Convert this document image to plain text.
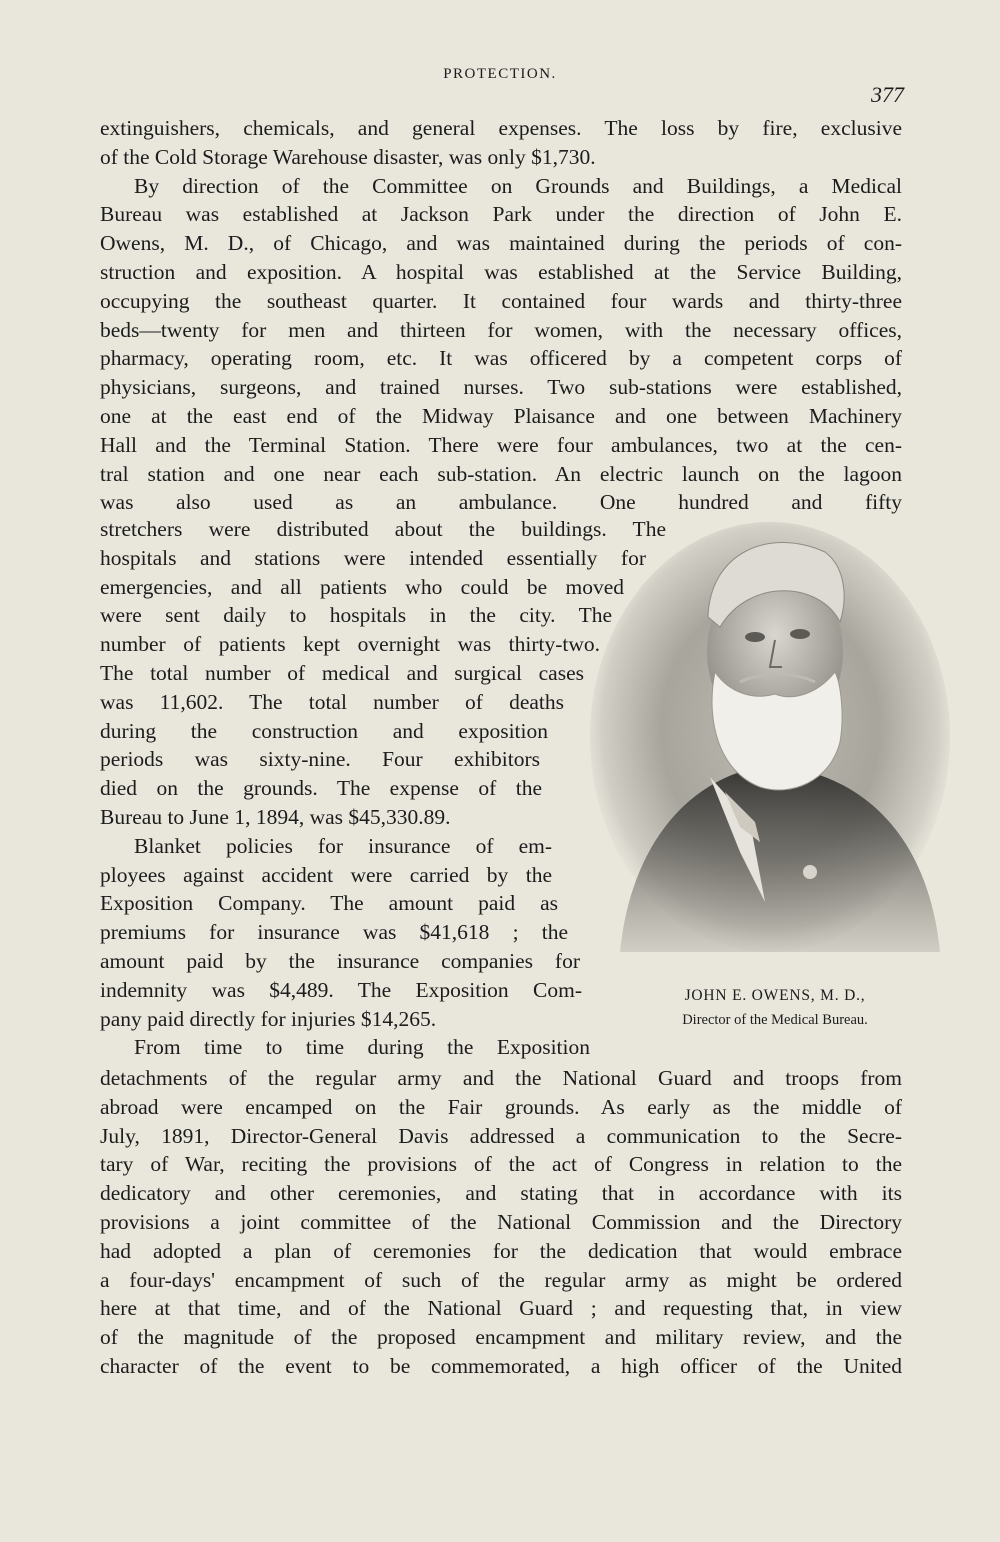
PROTECTION.
377
extinguishers, chemicals, and general expenses. The loss by fire, exclusive
of the Cold Storage Warehouse disaster, was only $1,730.
By direction of the Committee on Grounds and Buildings, a Medical
Bureau was established at Jackson Park under the direction of John E.
Owens, M. D., of Chicago, and was maintained during the periods of con-
struction and exposition. A hospital was established at the Service Building,
occupying the southeast quarter. It contained four wards and thirty-three
beds—twenty for men and thirteen for women, with the necessary offices,
pharmacy, operating room, etc. It was officered by a competent corps of
physicians, surgeons, and trained nurses. Two sub-stations were established,
one at the east end of the Midway Plaisance and one between Machinery
Hall and the Terminal Station. There were four ambulances, two at the cen-
tral station and one near each sub-station. An electric launch on the lagoon
was also used as an ambulance. One hundred and fifty
stretchers were distributed about the buildings. The
hospitals and stations were intended essentially for
emergencies, and all patients who could be moved
were sent daily to hospitals in the city. The
number of patients kept overnight was thirty-two.
The total number of medical and surgical cases
was 11,602. The total number of deaths
during the construction and exposition
periods was sixty-nine. Four exhibitors
died on the grounds. The expense of the
Bureau to June 1, 1894, was $45,330.89.
Blanket policies for insurance of em-
ployees against accident were carried by the
Exposition Company. The amount paid as
premiums for insurance was $41,618 ; the
amount paid by the insurance companies for
indemnity was $4,489. The Exposition Com-
pany paid directly for injuries $14,265.
From time to time during the Exposition
detachments of the regular army and the National Guard and troops from
abroad were encamped on the Fair grounds. As early as the middle of
July, 1891, Director-General Davis addressed a communication to the Secre-
tary of War, reciting the provisions of the act of Congress in relation to the
dedicatory and other ceremonies, and stating that in accordance with its
provisions a joint committee of the National Commission and the Directory
had adopted a plan of ceremonies for the dedication that would embrace
a four-days' encampment of such of the regular army as might be ordered
here at that time, and of the National Guard ; and requesting that, in view
of the magnitude of the proposed encampment and military review, and the
character of the event to be commemorated, a high officer of the United
JOHN E. OWENS, M. D.,
Director of the Medical Bureau.
